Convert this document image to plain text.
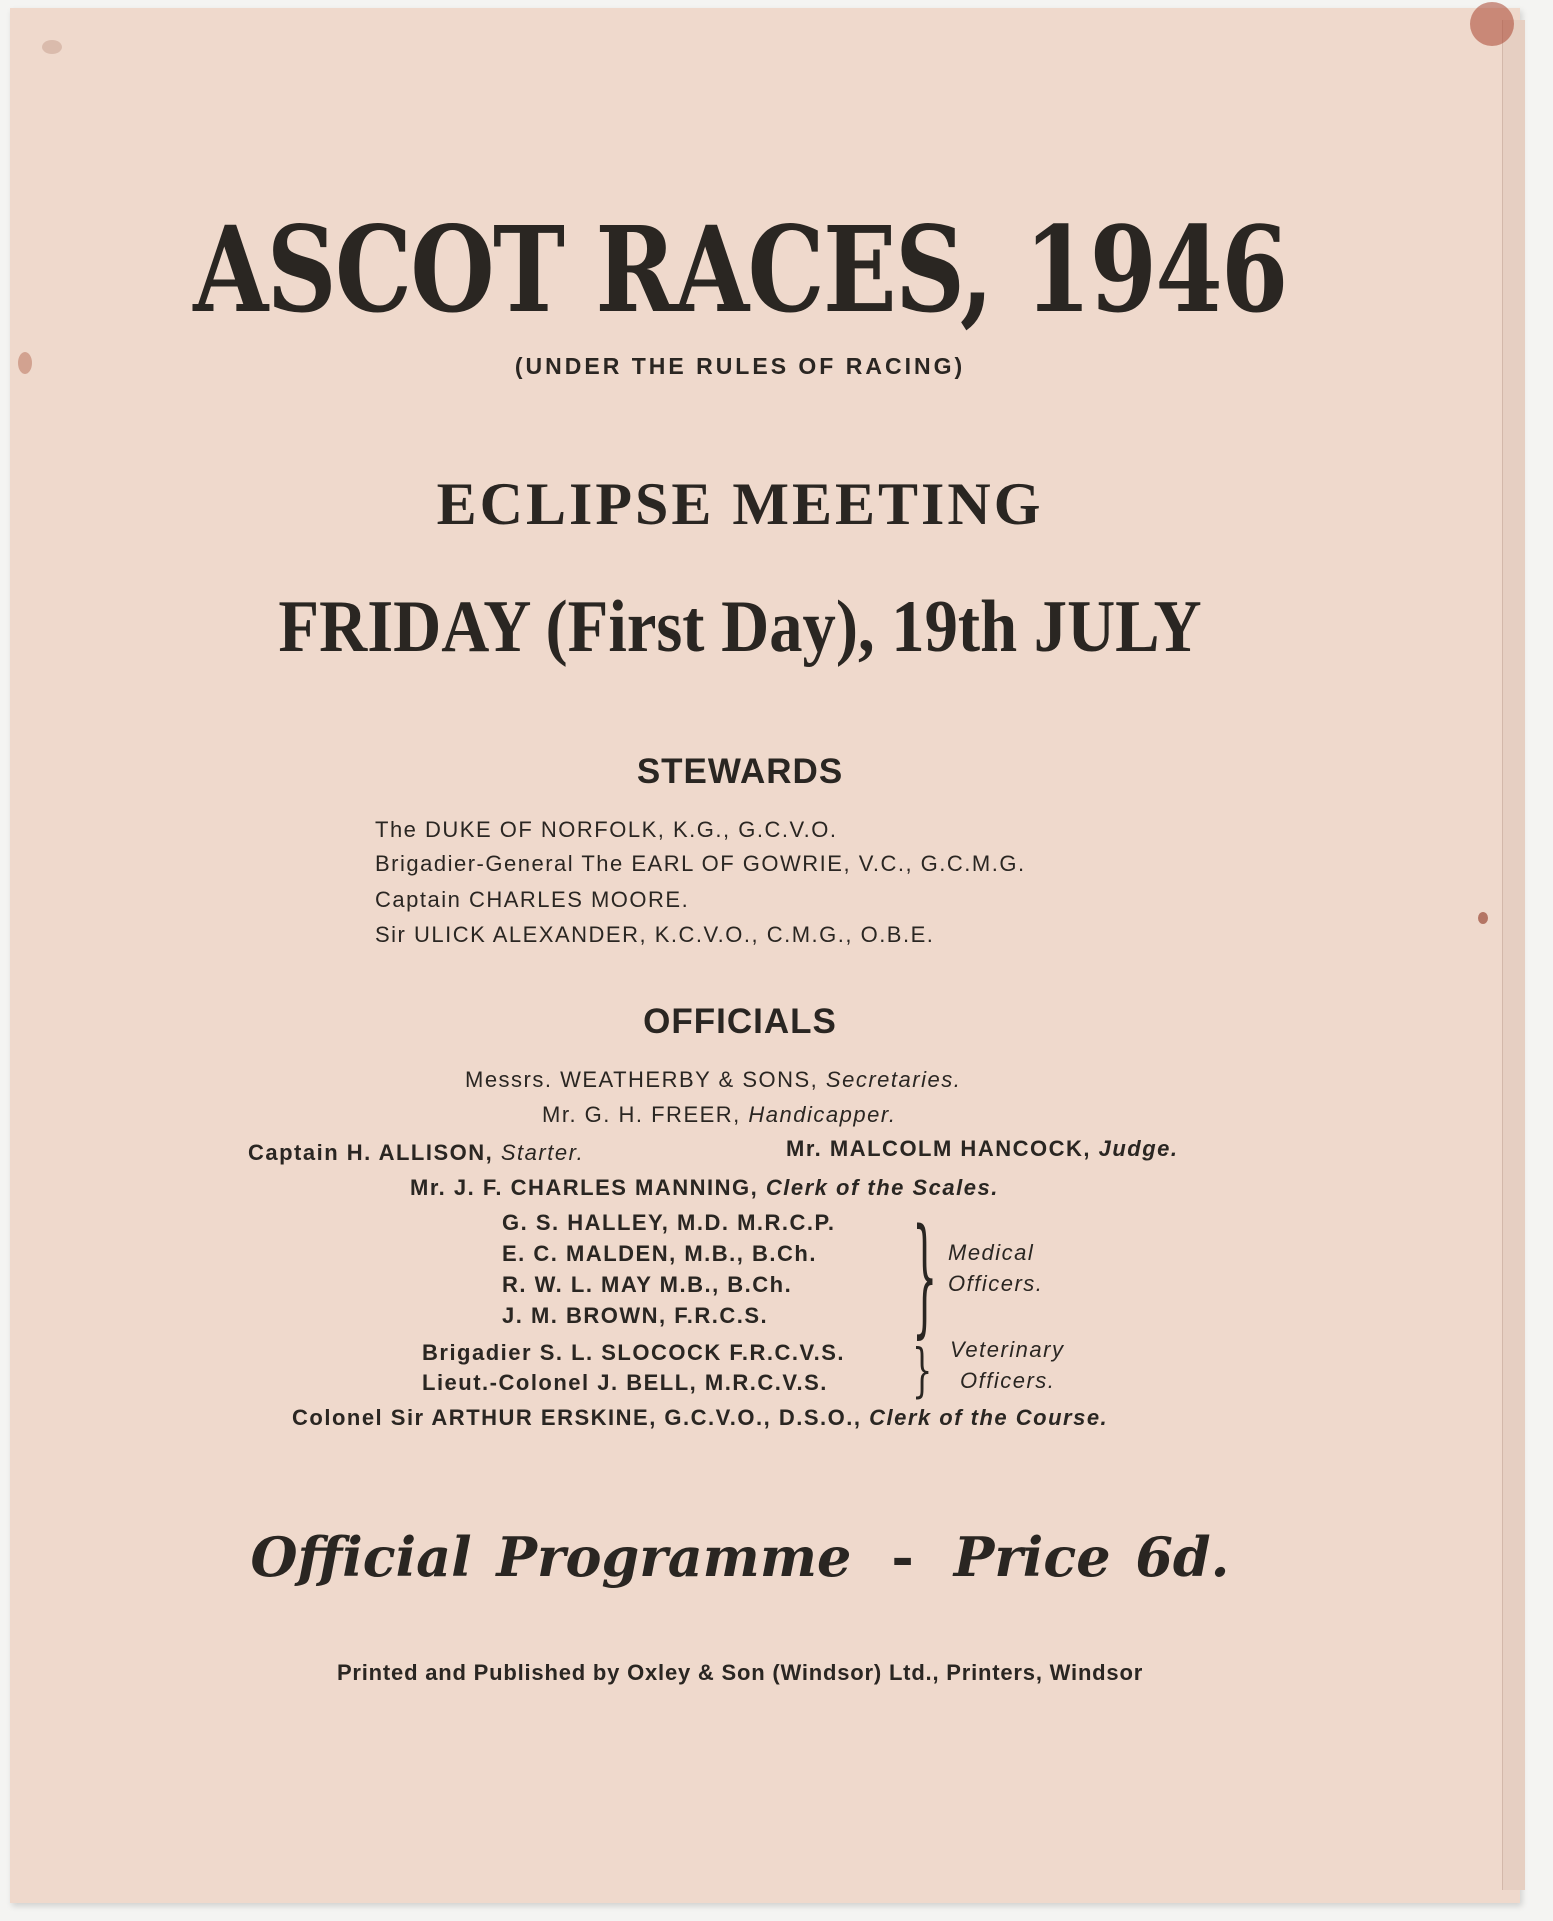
ASCOT RACES, 1946
(UNDER THE RULES OF RACING)
ECLIPSE MEETING
FRIDAY (First Day), 19th JULY
STEWARDS
The DUKE OF NORFOLK, K.G., G.C.V.O.
Brigadier-General The EARL OF GOWRIE, V.C., G.C.M.G.
Captain CHARLES MOORE.
Sir ULICK ALEXANDER, K.C.V.O., C.M.G., O.B.E.
OFFICIALS
Messrs. WEATHERBY & SONS, Secretaries.
Mr. G. H. FREER, Handicapper.
Captain H. ALLISON, Starter.	Mr. MALCOLM HANCOCK, Judge.
Mr. J. F. CHARLES MANNING, Clerk of the Scales.
G. S. HALLEY, M.D. M.R.C.P.
E. C. MALDEN, M.B., B.Ch.
R. W. L. MAY M.B., B.Ch.
J. M. BROWN, F.R.C.S.	} Medical
Officers.
Brigadier S. L. SLOCOCK F.R.C.V.S.
Lieut.-Colonel J. BELL, M.R.C.V.S.	} Veterinary
Officers.
Colonel Sir ARTHUR ERSKINE, G.C.V.O., D.S.O., Clerk of the Course.
Official Programme - Price 6d.
Printed and Published by Oxley & Son (Windsor) Ltd., Printers, Windsor
